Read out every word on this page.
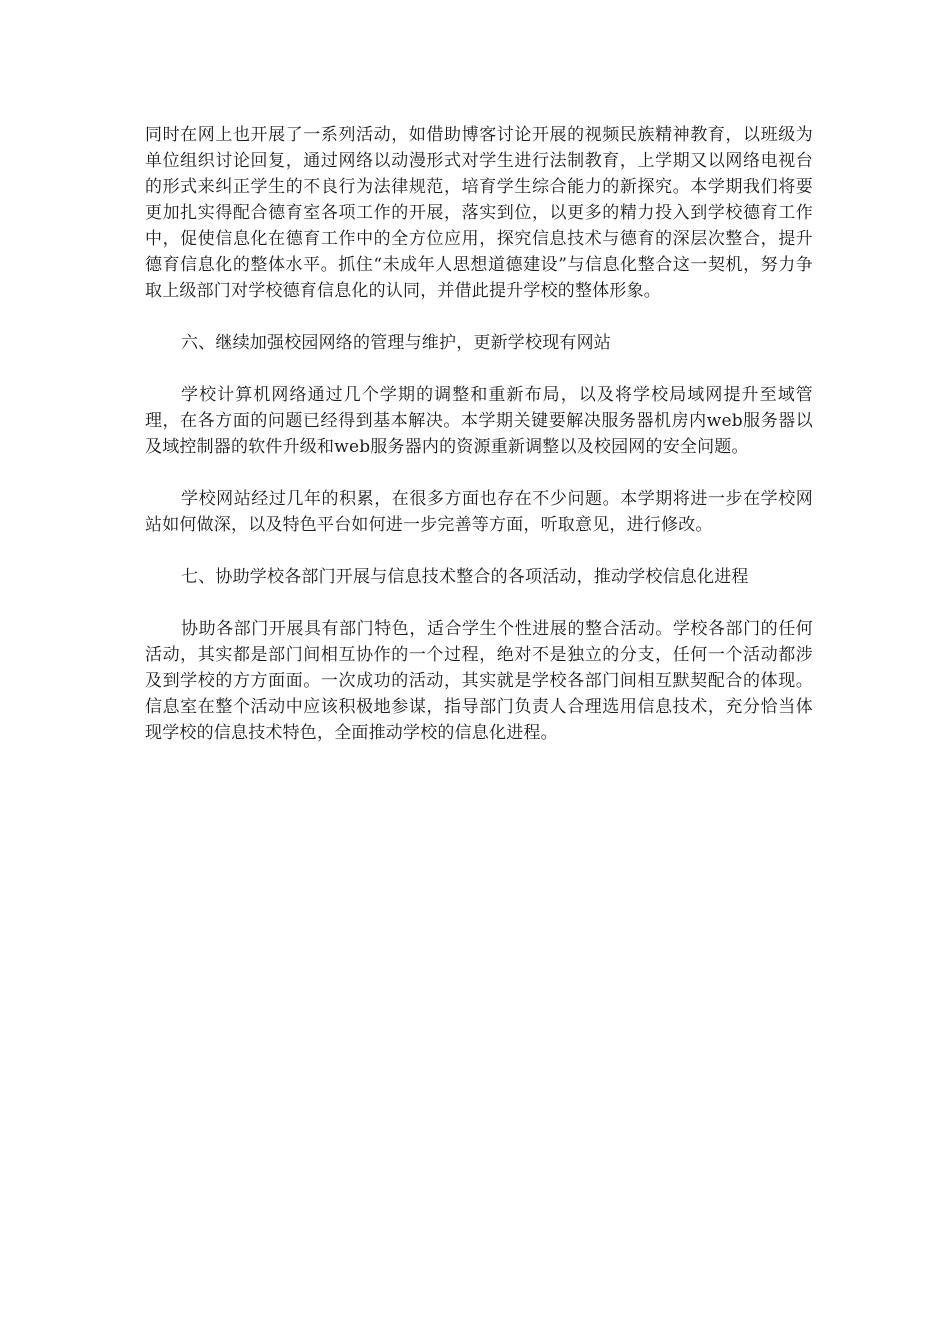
同时在网上也开展了一系列活动，如借助博客讨论开展的视频民族精神教育，以班级为单位组织讨论回复，通过网络以动漫形式对学生进行法制教育，上学期又以网络电视台的形式来纠正学生的不良行为法律规范，培育学生综合能力的新探究。本学期我们将要更加扎实得配合德育室各项工作的开展，落实到位，以更多的精力投入到学校德育工作中，促使信息化在德育工作中的全方位应用，探究信息技术与德育的深层次整合，提升德育信息化的整体水平。抓住“未成年人思想道德建设”与信息化整合这一契机，努力争取上级部门对学校德育信息化的认同，并借此提升学校的整体形象。

六、继续加强校园网络的管理与维护，更新学校现有网站

学校计算机网络通过几个学期的调整和重新布局，以及将学校局域网提升至域管理，在各方面的问题已经得到基本解决。本学期关键要解决服务器机房内web服务器以及域控制器的软件升级和web服务器内的资源重新调整以及校园网的安全问题。

学校网站经过几年的积累，在很多方面也存在不少问题。本学期将进一步在学校网站如何做深，以及特色平台如何进一步完善等方面，听取意见，进行修改。

七、协助学校各部门开展与信息技术整合的各项活动，推动学校信息化进程

协助各部门开展具有部门特色，适合学生个性进展的整合活动。学校各部门的任何活动，其实都是部门间相互协作的一个过程，绝对不是独立的分支，任何一个活动都涉及到学校的方方面面。一次成功的活动，其实就是学校各部门间相互默契配合的体现。信息室在整个活动中应该积极地参谋，指导部门负责人合理选用信息技术，充分恰当体现学校的信息技术特色，全面推动学校的信息化进程。
